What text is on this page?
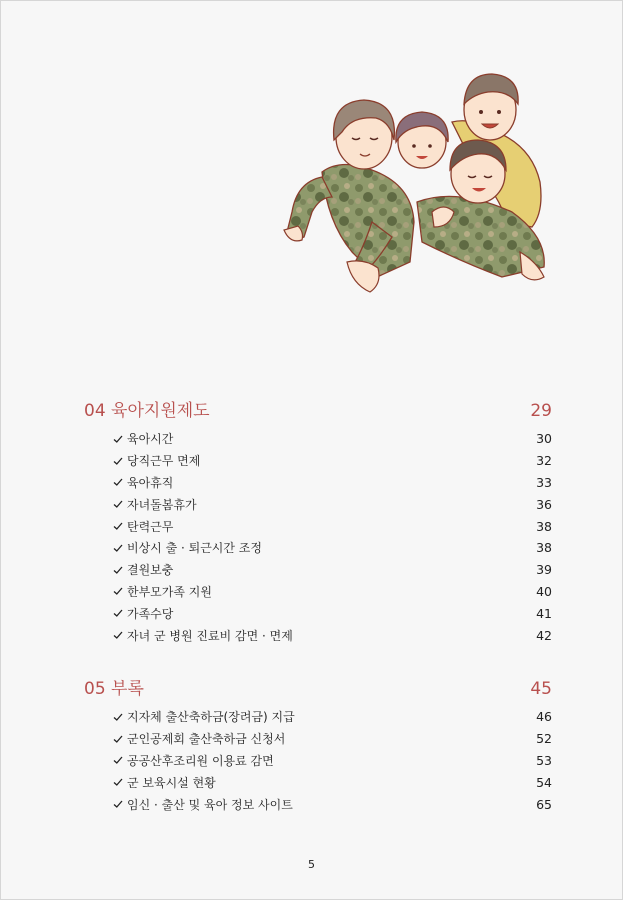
04 육아지원제도	29
육아시간	30
당직근무 면제	32
육아휴직	33
자녀돌봄휴가	36
탄력근무	38
비상시 출 · 퇴근시간 조정	38
결원보충	39
한부모가족 지원	40
가족수당	41
자녀 군 병원 진료비 감면 · 면제	42
05 부록	45
지자체 출산축하금(장려금) 지급	46
군인공제회 출산축하금 신청서	52
공공산후조리원 이용료 감면	53
군 보육시설 현황	54
임신 · 출산 및 육아 정보 사이트	65
5
